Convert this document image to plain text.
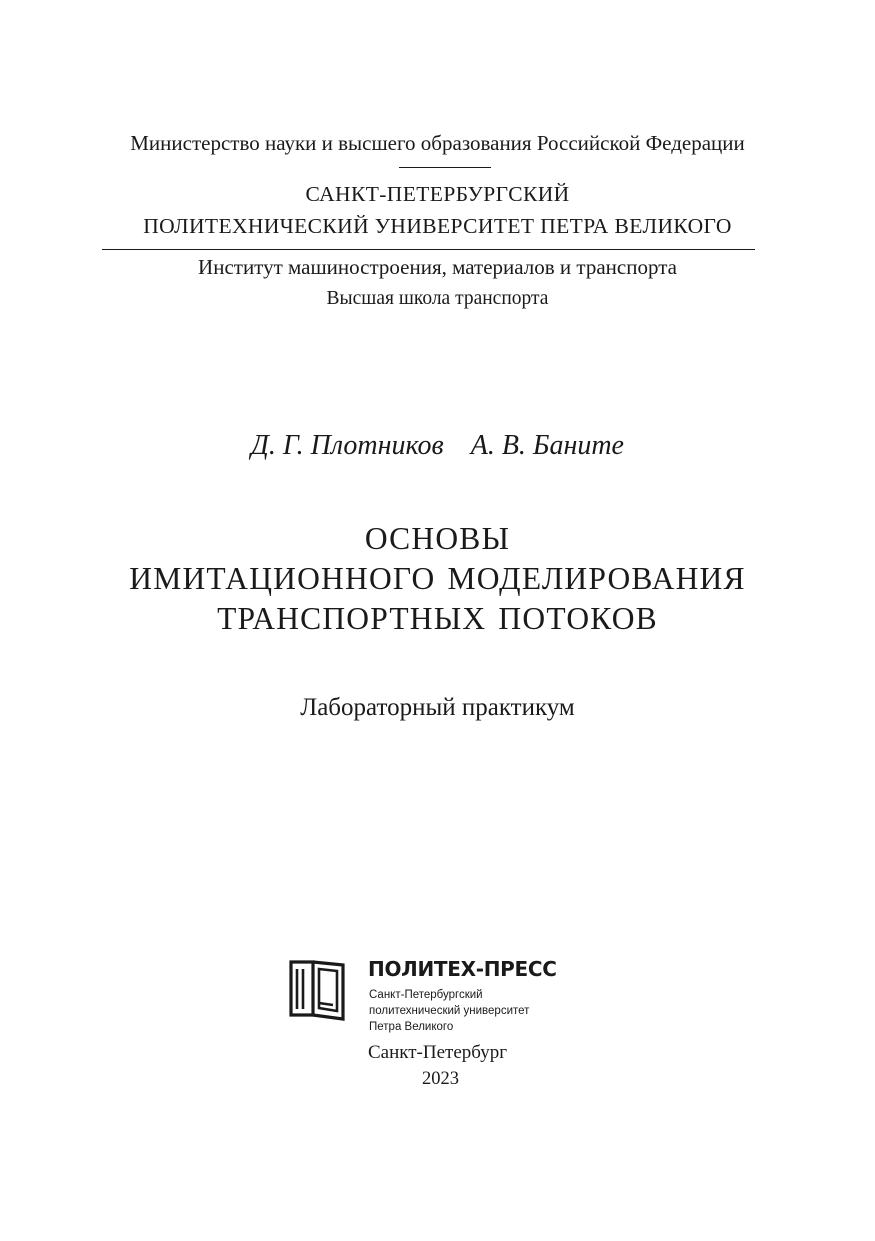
Министерство науки и высшего образования Российской Федерации
САНКТ-ПЕТЕРБУРГСКИЙ
ПОЛИТЕХНИЧЕСКИЙ УНИВЕРСИТЕТ ПЕТРА ВЕЛИКОГО
Институт машиностроения, материалов и транспорта
Высшая школа транспорта
Д. Г. Плотников А. В. Баните
ОСНОВЫ
ИМИТАЦИОННОГО МОДЕЛИРОВАНИЯ
ТРАНСПОРТНЫХ ПОТОКОВ
Лабораторный практикум
ПОЛИТЕХ-ПРЕСС
Санкт-Петербургский
политехнический университет
Петра Великого
Санкт-Петербург
2023
